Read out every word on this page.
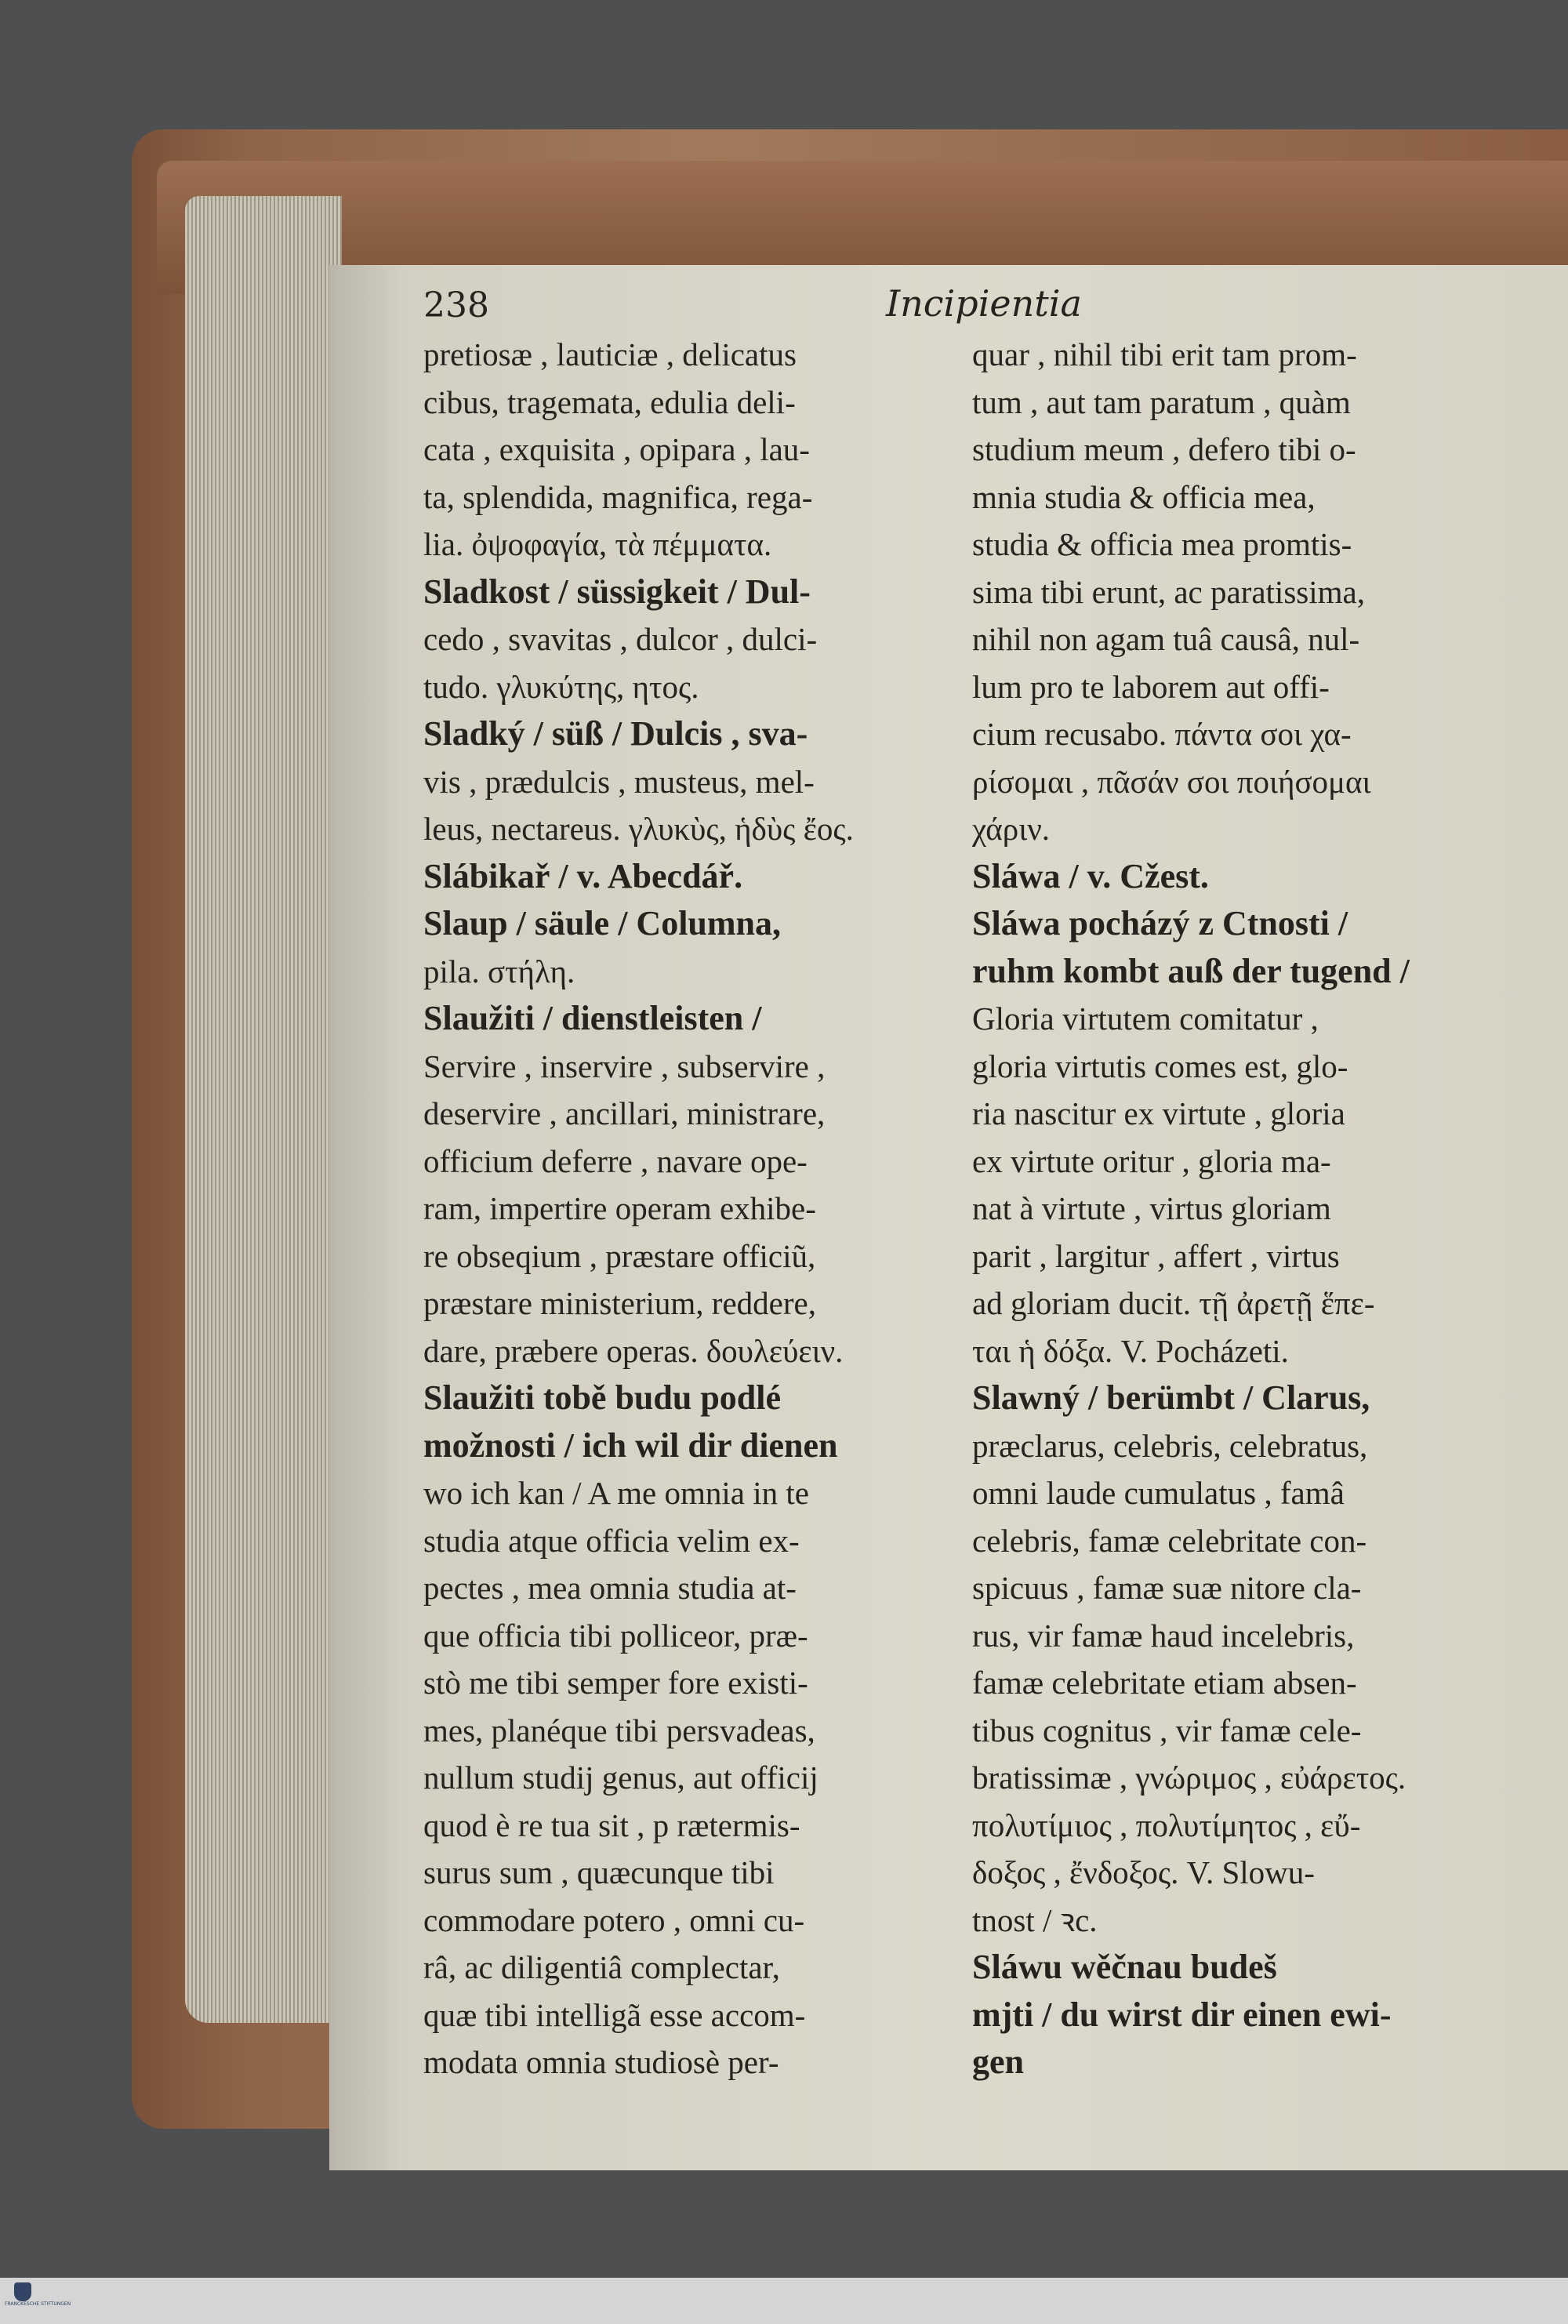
238	Incipientia
pretiosæ , lauticiæ , delicatus
cibus, tragemata, edulia deli-
cata , exquisita , opipara , lau-
ta, splendida, magnifica, rega-
lia. ὀψοφαγία, τὰ πέμματα.
Sladkost / süssigkeit / Dul-
cedo , svavitas , dulcor , dulci-
tudo. γλυκύτης, ητος.
Sladký / süß / Dulcis , sva-
vis , prædulcis , musteus, mel-
leus, nectareus. γλυκὺς, ἡδὺς ἔος.
Slábikař / v. Abecdář.
Slaup / säule / Columna,
pila. στήλη.
Slaužiti / dienstleisten /
Servire , inservire , subservire ,
deservire , ancillari, ministrare,
officium deferre , navare ope-
ram, impertire operam exhibe-
re obseqium , præstare officiũ,
præstare ministerium, reddere,
dare, præbere operas. δουλεύειν.
Slaužiti tobě budu podlé
možnosti / ich wil dir dienen
wo ich kan / A me omnia in te
studia atque officia velim ex-
pectes , mea omnia studia at-
que officia tibi polliceor, præ-
stò me tibi semper fore existi-
mes, planéque tibi persvadeas,
nullum studij genus, aut officij
quod è re tua sit , p rætermis-
surus sum , quæcunque tibi
commodare potero , omni cu-
râ, ac diligentiâ complectar,
quæ tibi intelligã esse accom-
modata omnia studiosè per-
quar , nihil tibi erit tam prom-
tum , aut tam paratum , quàm
studium meum , defero tibi o-
mnia studia & officia mea,
studia & officia mea promtis-
sima tibi erunt, ac paratissima,
nihil non agam tuâ causâ, nul-
lum pro te laborem aut offi-
cium recusabo. πάντα σοι χα-
ρίσομαι , πᾶσάν σοι ποιήσομαι
χάριν.
Sláwa / v. Cžest.
Sláwa pocházý z Ctnosti /
ruhm kombt auß der tugend /
Gloria virtutem comitatur ,
gloria virtutis comes est, glo-
ria nascitur ex virtute , gloria
ex virtute oritur , gloria ma-
nat à virtute , virtus gloriam
parit , largitur , affert , virtus
ad gloriam ducit. τῇ ἀρετῇ ἕπε-
ται ἡ δόξα. V. Pocházeti.
Slawný / berümbt / Clarus,
præclarus, celebris, celebratus,
omni laude cumulatus , famâ
celebris, famæ celebritate con-
spicuus , famæ suæ nitore cla-
rus, vir famæ haud incelebris,
famæ celebritate etiam absen-
tibus cognitus , vir famæ cele-
bratissimæ , γνώριμος , εὐάρετος.
πολυτίμιος , πολυτίμητος , εὔ-
δοξος , ἔνδοξος. V. Slowu-
tnost / ꝛc.
Sláwu wěčnau budeš
mjti / du wirst dir einen ewi-
gen
FRANCKESCHE STIFTUNGEN
